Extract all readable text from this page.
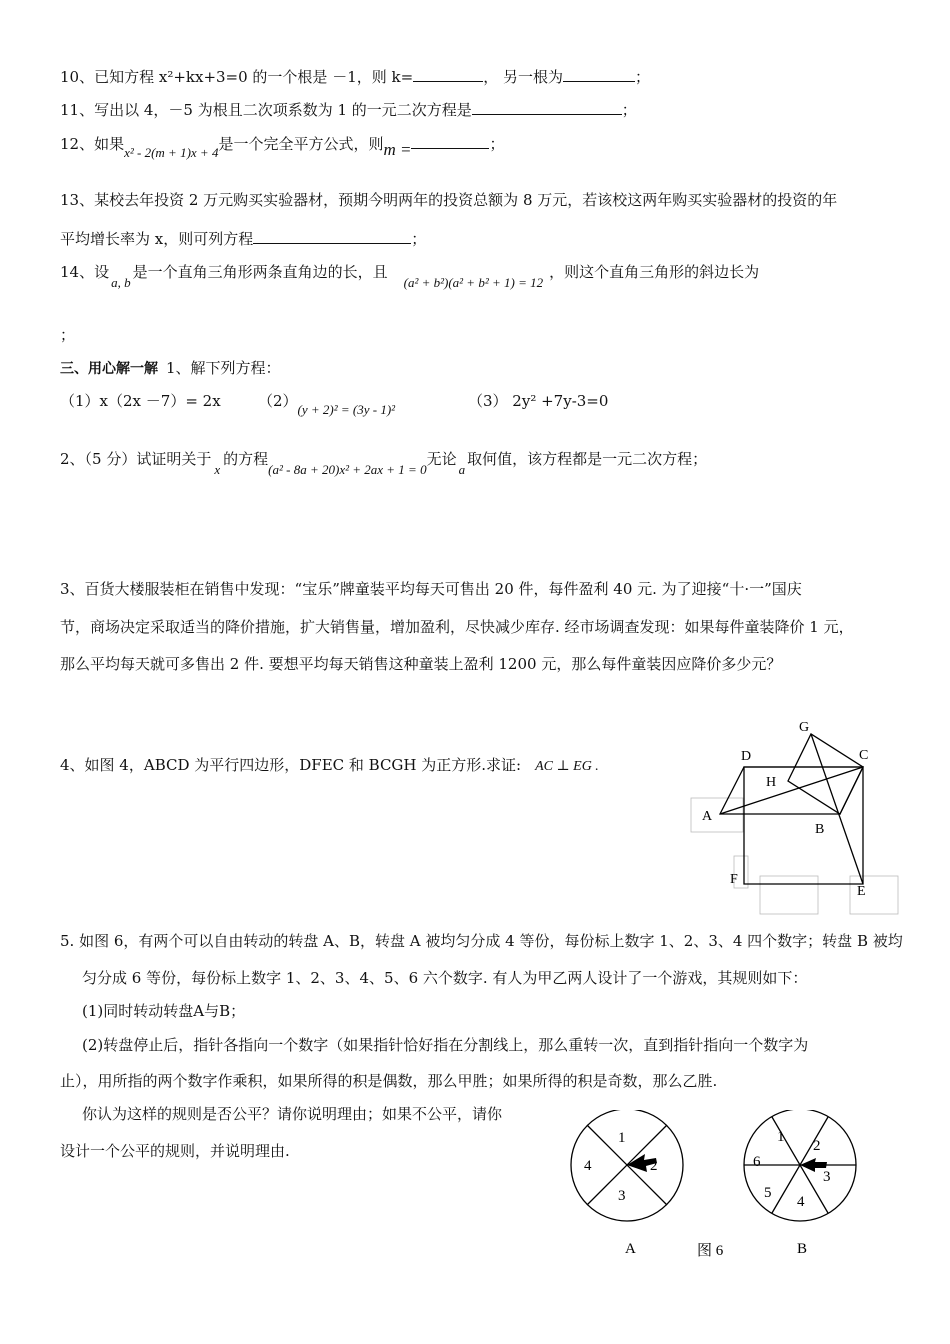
10、已知方程 x²+kx+3=0 的一个根是 －1，则 k=	， 另一根为	；
11、写出以 4，－5 为根且二次项系数为 1 的一元二次方程是	；
12、如果x² - 2(m + 1)x + 4是一个完全平方公式，则m =	；
13、某校去年投资 2 万元购买实验器材，预期今明两年的投资总额为 8 万元，若该校这两年购买实验器材的投资的年
平均增长率为 x，则可列方程	；
14、设a, b是一个直角三角形两条直角边的长，且(a² + b²)(a² + b² + 1) = 12，则这个直角三角形的斜边长为
；
三、用心解一解 1、解下列方程：
（1）x（2x －7）= 2x （2）(y + 2)² = (3y - 1)²	（3） 2y² +7y-3=0
2、（5 分）试证明关于x的方程(a² - 8a + 20)x² + 2ax + 1 = 0无论a取何值，该方程都是一元二次方程；
3、百货大楼服装柜在销售中发现：“宝乐”牌童装平均每天可售出 20 件，每件盈利 40 元. 为了迎接“十·一”国庆
节，商场决定采取适当的降价措施，扩大销售量，增加盈利，尽快减少库存. 经市场调查发现：如果每件童装降价 1 元，
那么平均每天就可多售出 2 件. 要想平均每天销售这种童装上盈利 1200 元，那么每件童装因应降价多少元？
4、如图 4，ABCD 为平行四边形，DFEC 和 BCGH 为正方形.求证: AC ⊥ EG .
G
D	C
H
A
B
F
E
5. 如图 6，有两个可以自由转动的转盘 A、B，转盘 A 被均匀分成 4 等份，每份标上数字 1、2、3、4 四个数字；转盘 B 被均
匀分成 6 等份，每份标上数字 1、2、3、4、5、6 六个数字. 有人为甲乙两人设计了一个游戏，其规则如下：
(1)同时转动转盘A与B；
(2)转盘停止后，指针各指向一个数字（如果指针恰好指在分割线上，那么重转一次，直到指针指向一个数字为
止），用所指的两个数字作乘积，如果所得的积是偶数，那么甲胜；如果所得的积是奇数，那么乙胜.
你认为这样的规则是否公平？请你说明理由；如果不公平，请你
设计一个公平的规则，并说明理由.
1
2
3
4
1
2
3
4
5
6
A	图 6	B
